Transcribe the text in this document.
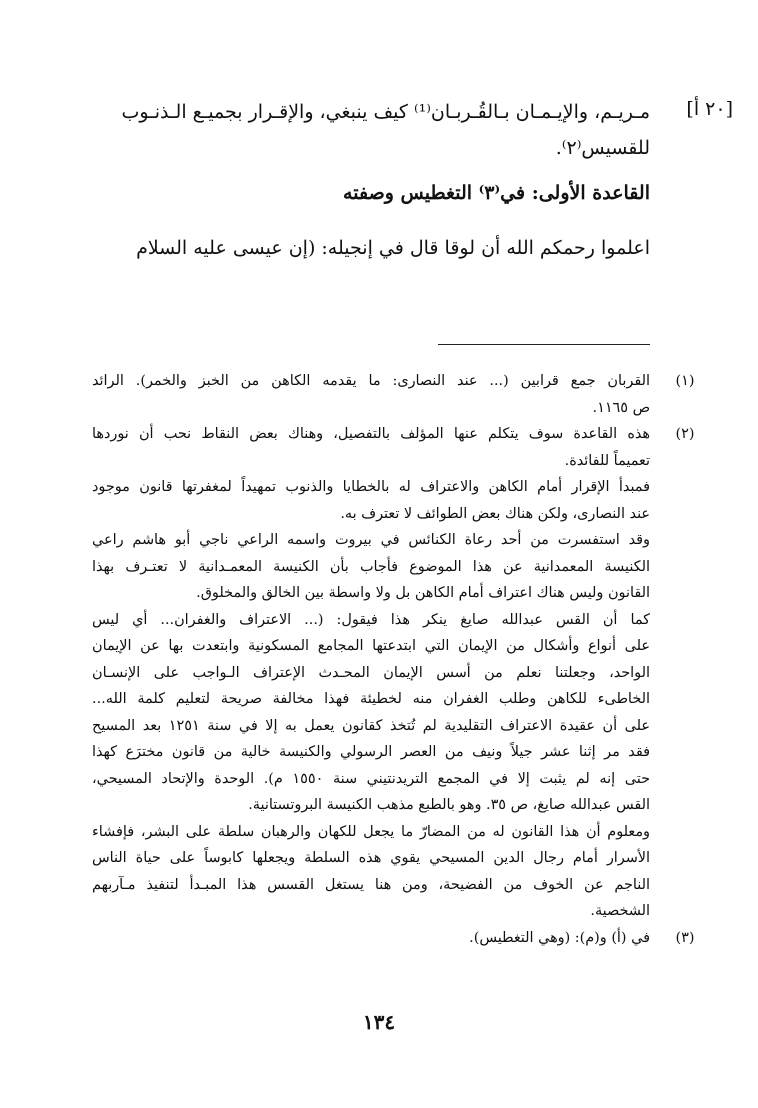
[٢٠ أ]
مـريـم، والإيـمـان بـالقُـربـان⁽¹⁾ كيف ينبغي، والإقـرار بجميـع الـذنـوب
للقسيس⁽٢⁾.
القاعدة الأولى: في⁽٣⁾ التغطيس وصفته
اعلموا رحمكم الله أن لوقا قال في إنجيله: (إن عيسى عليه السلام
(١)
القربان جمع قرابين (... عند النصارى: ما يقدمه الكاهن من الخبز والخمر). الرائد
ص ١١٦٥.
(٢)
هذه القاعدة سوف يتكلم عنها المؤلف بالتفصيل، وهناك بعض النقاط نحب أن نوردها
تعميماً للفائدة.
فمبدأ الإقرار أمام الكاهن والاعتراف له بالخطايا والذنوب تمهيداً لمغفرتها قانون موجود
عند النصارى، ولكن هناك بعض الطوائف لا تعترف به.
وقد استفسرت من أحد رعاة الكنائس في بيروت واسمه الراعي ناجي أبو هاشم راعي
الكنيسة المعمدانية عن هذا الموضوع فأجاب بأن الكنيسة المعمـدانية لا تعتـرف بهذا
القانون وليس هناك اعتراف أمام الكاهن بل ولا واسطة بين الخالق والمخلوق.
كما أن القس عبدالله صايغ ينكر هذا فيقول: (... الاعتراف والغفران... أي ليس
على أنواع وأشكال من الإيمان التي ابتدعتها المجامع المسكونية وابتعدت بها عن الإيمان
الواحد، وجعلتنا نعلم من أسس الإيمان المحـدث الإعتراف الـواجب على الإنسـان
الخاطىء للكاهن وطلب الغفران منه لخطيئة فهذا مخالفة صريحة لتعليم كلمة الله...
على أن عقيدة الاعتراف التقليدية لم تُتخذ كقانون يعمل به إلا في سنة ١٢٥١ بعد المسيح
فقد مر إثنا عشر جيلاً ونيف من العصر الرسولي والكنيسة خالية من قانون مخترَع كهذا
حتى إنه لم يثبت إلا في المجمع التريدنتيني سنة ١٥٥٠ م). الوحدة والإتحاد المسيحي،
القس عبدالله صايغ، ص ٣٥. وهو بالطبع مذهب الكنيسة البروتستانية.
ومعلوم أن هذا القانون له من المضارّ ما يجعل للكهان والرهبان سلطة على البشر، فإفشاء
الأسرار أمام رجال الدين المسيحي يقوي هذه السلطة ويجعلها كابوساً على حياة الناس
الناجم عن الخوف من الفضيحة، ومن هنا يستغل القسس هذا المبـدأ لتنفيذ مـآربهم
الشخصية.
(٣)
في (أ) و(م): (وهي التغطيس).
١٣٤
